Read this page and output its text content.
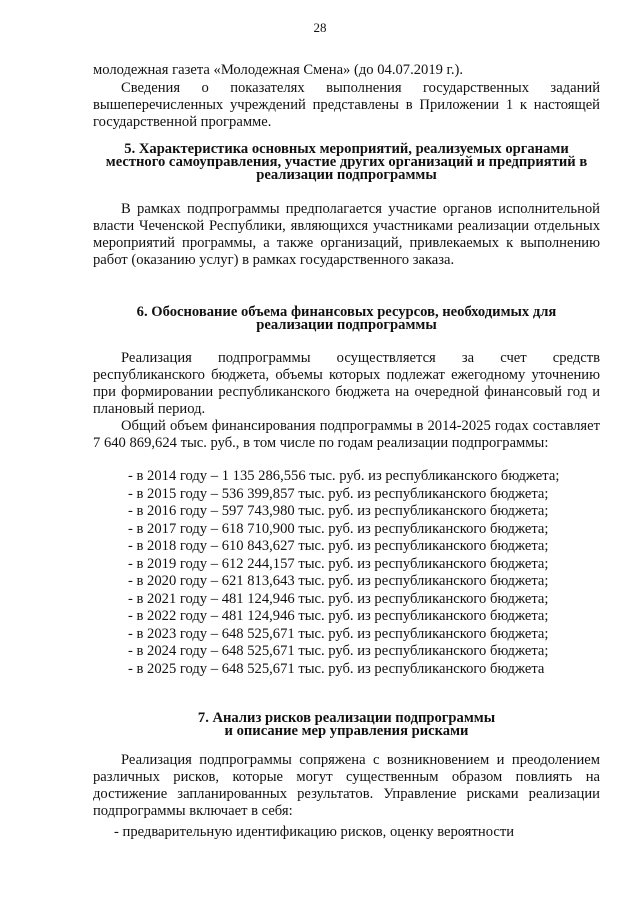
28
молодежная газета «Молодежная Смена» (до 04.07.2019 г.).
Сведения о показателях выполнения государственных заданий вышеперечисленных учреждений представлены в Приложении 1 к настоящей государственной программе.
5. Характеристика основных мероприятий, реализуемых органами
местного самоуправления, участие других организаций и предприятий в
реализации подпрограммы
В рамках подпрограммы предполагается участие органов исполнительной власти Чеченской Республики, являющихся участниками реализации отдельных мероприятий программы, а также организаций, привлекаемых к выполнению работ (оказанию услуг) в рамках государственного заказа.
6. Обоснование объема финансовых ресурсов, необходимых для
реализации подпрограммы
Реализация подпрограммы осуществляется за счет средств республиканского бюджета, объемы которых подлежат ежегодному уточнению при формировании республиканского бюджета на очередной финансовый год и плановый период.
Общий объем финансирования подпрограммы в 2014-2025 годах составляет 7 640 869,624 тыс. руб., в том числе по годам реализации подпрограммы:
- в 2014 году – 1 135 286,556 тыс. руб. из республиканского бюджета;
- в 2015 году – 536 399,857 тыс. руб. из республиканского бюджета;
- в 2016 году – 597 743,980 тыс. руб. из республиканского бюджета;
- в 2017 году – 618 710,900 тыс. руб. из республиканского бюджета;
- в 2018 году – 610 843,627 тыс. руб. из республиканского бюджета;
- в 2019 году – 612 244,157 тыс. руб. из республиканского бюджета;
- в 2020 году – 621 813,643 тыс. руб. из республиканского бюджета;
- в 2021 году – 481 124,946 тыс. руб. из республиканского бюджета;
- в 2022 году – 481 124,946 тыс. руб. из республиканского бюджета;
- в 2023 году – 648 525,671 тыс. руб. из республиканского бюджета;
- в 2024 году – 648 525,671 тыс. руб. из республиканского бюджета;
- в 2025 году – 648 525,671 тыс. руб. из республиканского бюджета
7. Анализ рисков реализации подпрограммы
и описание мер управления рисками
Реализация подпрограммы сопряжена с возникновением и преодолением различных рисков, которые могут существенным образом повлиять на достижение запланированных результатов. Управление рисками реализации подпрограммы включает в себя:
- предварительную идентификацию рисков, оценку вероятности
